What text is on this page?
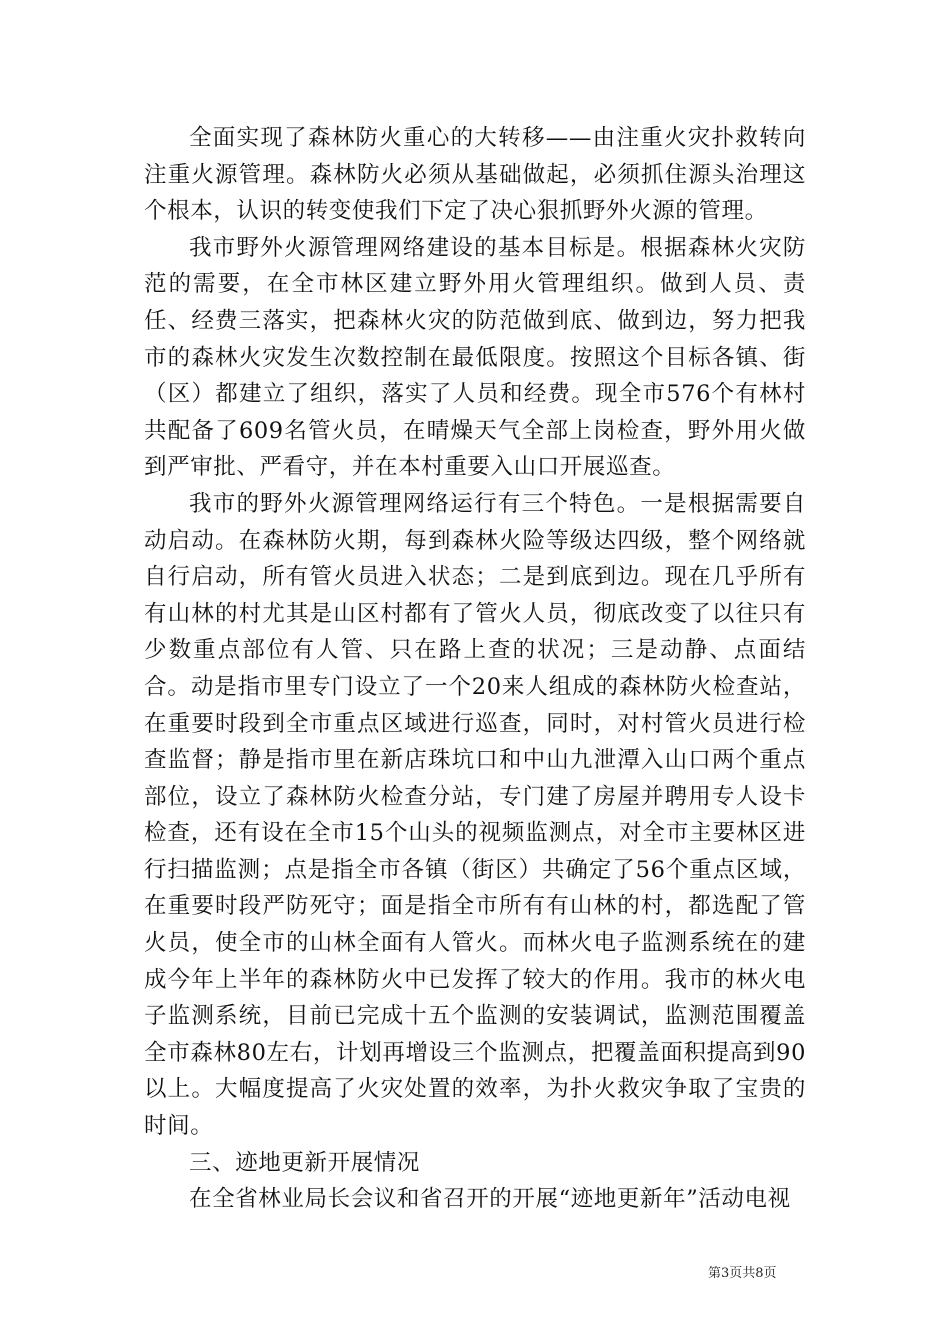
全面实现了森林防火重心的大转移——由注重火灾扑救转向注重火源管理。森林防火必须从基础做起，必须抓住源头治理这个根本，认识的转变使我们下定了决心狠抓野外火源的管理。

我市野外火源管理网络建设的基本目标是。根据森林火灾防范的需要，在全市林区建立野外用火管理组织。做到人员、责任、经费三落实，把森林火灾的防范做到底、做到边，努力把我市的森林火灾发生次数控制在最低限度。按照这个目标各镇、街（区）都建立了组织，落实了人员和经费。现全市576个有林村共配备了609名管火员，在晴燥天气全部上岗检查，野外用火做到严审批、严看守，并在本村重要入山口开展巡查。

我市的野外火源管理网络运行有三个特色。一是根据需要自动启动。在森林防火期，每到森林火险等级达四级，整个网络就自行启动，所有管火员进入状态；二是到底到边。现在几乎所有有山林的村尤其是山区村都有了管火人员，彻底改变了以往只有少数重点部位有人管、只在路上查的状况；三是动静、点面结合。动是指市里专门设立了一个20来人组成的森林防火检查站，在重要时段到全市重点区域进行巡查，同时，对村管火员进行检查监督；静是指市里在新店珠坑口和中山九泄潭入山口两个重点部位，设立了森林防火检查分站，专门建了房屋并聘用专人设卡检查，还有设在全市15个山头的视频监测点，对全市主要林区进行扫描监测；点是指全市各镇（街区）共确定了56个重点区域，在重要时段严防死守；面是指全市所有有山林的村，都选配了管火员，使全市的山林全面有人管火。而林火电子监测系统在的建成今年上半年的森林防火中已发挥了较大的作用。我市的林火电子监测系统，目前已完成十五个监测的安装调试，监测范围覆盖全市森林80左右，计划再增设三个监测点，把覆盖面积提高到90以上。大幅度提高了火灾处置的效率，为扑火救灾争取了宝贵的时间。

三、迹地更新开展情况

在全省林业局长会议和省召开的开展“迹地更新年”活动电视

第3页共8页
